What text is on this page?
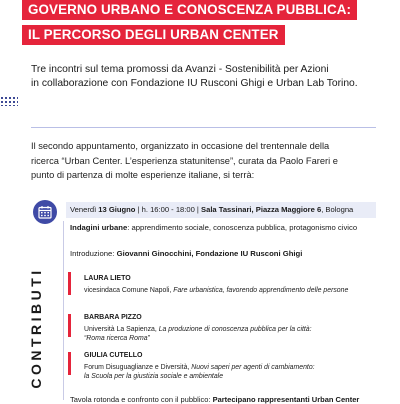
GOVERNO URBANO E CONOSCENZA PUBBLICA:
IL PERCORSO DEGLI URBAN CENTER
Tre incontri sul tema promossi da Avanzi - Sostenibilità per Azioni
in collaborazione con Fondazione IU Rusconi Ghigi e Urban Lab Torino.
Il secondo appuntamento, organizzato in occasione del trentennale della
ricerca “Urban Center. L’esperienza statunitense”, curata da Paolo Fareri e
punto di partenza di molte esperienze italiane, si terrà:
Venerdì 13 Giugno | h. 16:00 - 18:00 | Sala Tassinari, Piazza Maggiore 6, Bologna
Indagini urbane: apprendimento sociale, conoscenza pubblica, protagonismo civico
Introduzione: Giovanni Ginocchini, Fondazione IU Rusconi Ghigi
CONTRIBUTI	LAURA LIETO
vicesindaca Comune Napoli, Fare urbanistica, favorendo apprendimento delle persone
BARBARA PIZZO
Università La Sapienza, La produzione di conoscenza pubblica per la città:
“Roma ricerca Roma”
GIULIA CUTELLO
Forum Disuguaglianze e Diversità, Nuovi saperi per agenti di cambiamento:
la Scuola per la giustizia sociale e ambientale
Tavola rotonda e confronto con il pubblico: Partecipano rappresentanti Urban Center
